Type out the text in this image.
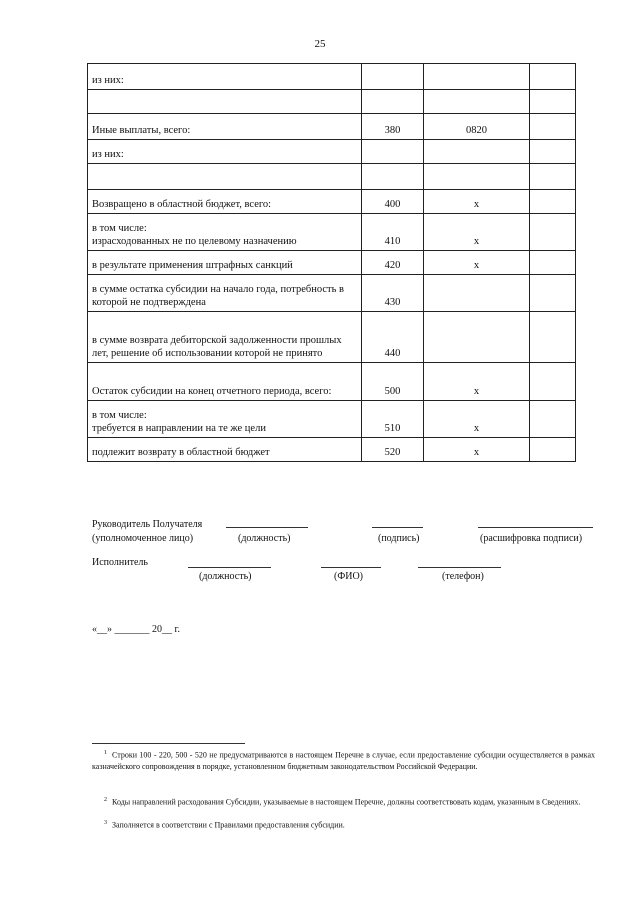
25
из них:			

Иные выплаты, всего:	380	0820	
из них:			

Возвращено в областной бюджет, всего:	400	х	
в том числе:
израсходованных не по целевому назначению	410	х	
в результате применения штрафных санкций	420	х	
в сумме остатка субсидии на начало года, потребность в которой не подтверждена	430		
в сумме возврата дебиторской задолженности прошлых лет, решение об использовании которой не принято	440		
Остаток субсидии на конец отчетного периода, всего:	500	х	
в том числе:
требуется в направлении на те же цели	510	х	
подлежит возврату в областной бюджет	520	х	
Руководитель Получателя
(уполномоченное лицо)	(должность)	(подпись)	(расшифровка подписи)
Исполнитель
(должность)	(ФИО)	(телефон)
«__» _______ 20__ г.
$^1$ Строки 100 - 220, 500 - 520 не предусматриваются в настоящем Перечне в случае, если предоставление субсидии осуществляется в рамках казначейского сопровождения в порядке, установленном бюджетным законодательством Российской Федерации.
$^2$ Коды направлений расходования Субсидии, указываемые в настоящем Перечне, должны соответствовать кодам, указанным в Сведениях.
$^3$ Заполняется в соответствии с Правилами предоставления субсидии.
